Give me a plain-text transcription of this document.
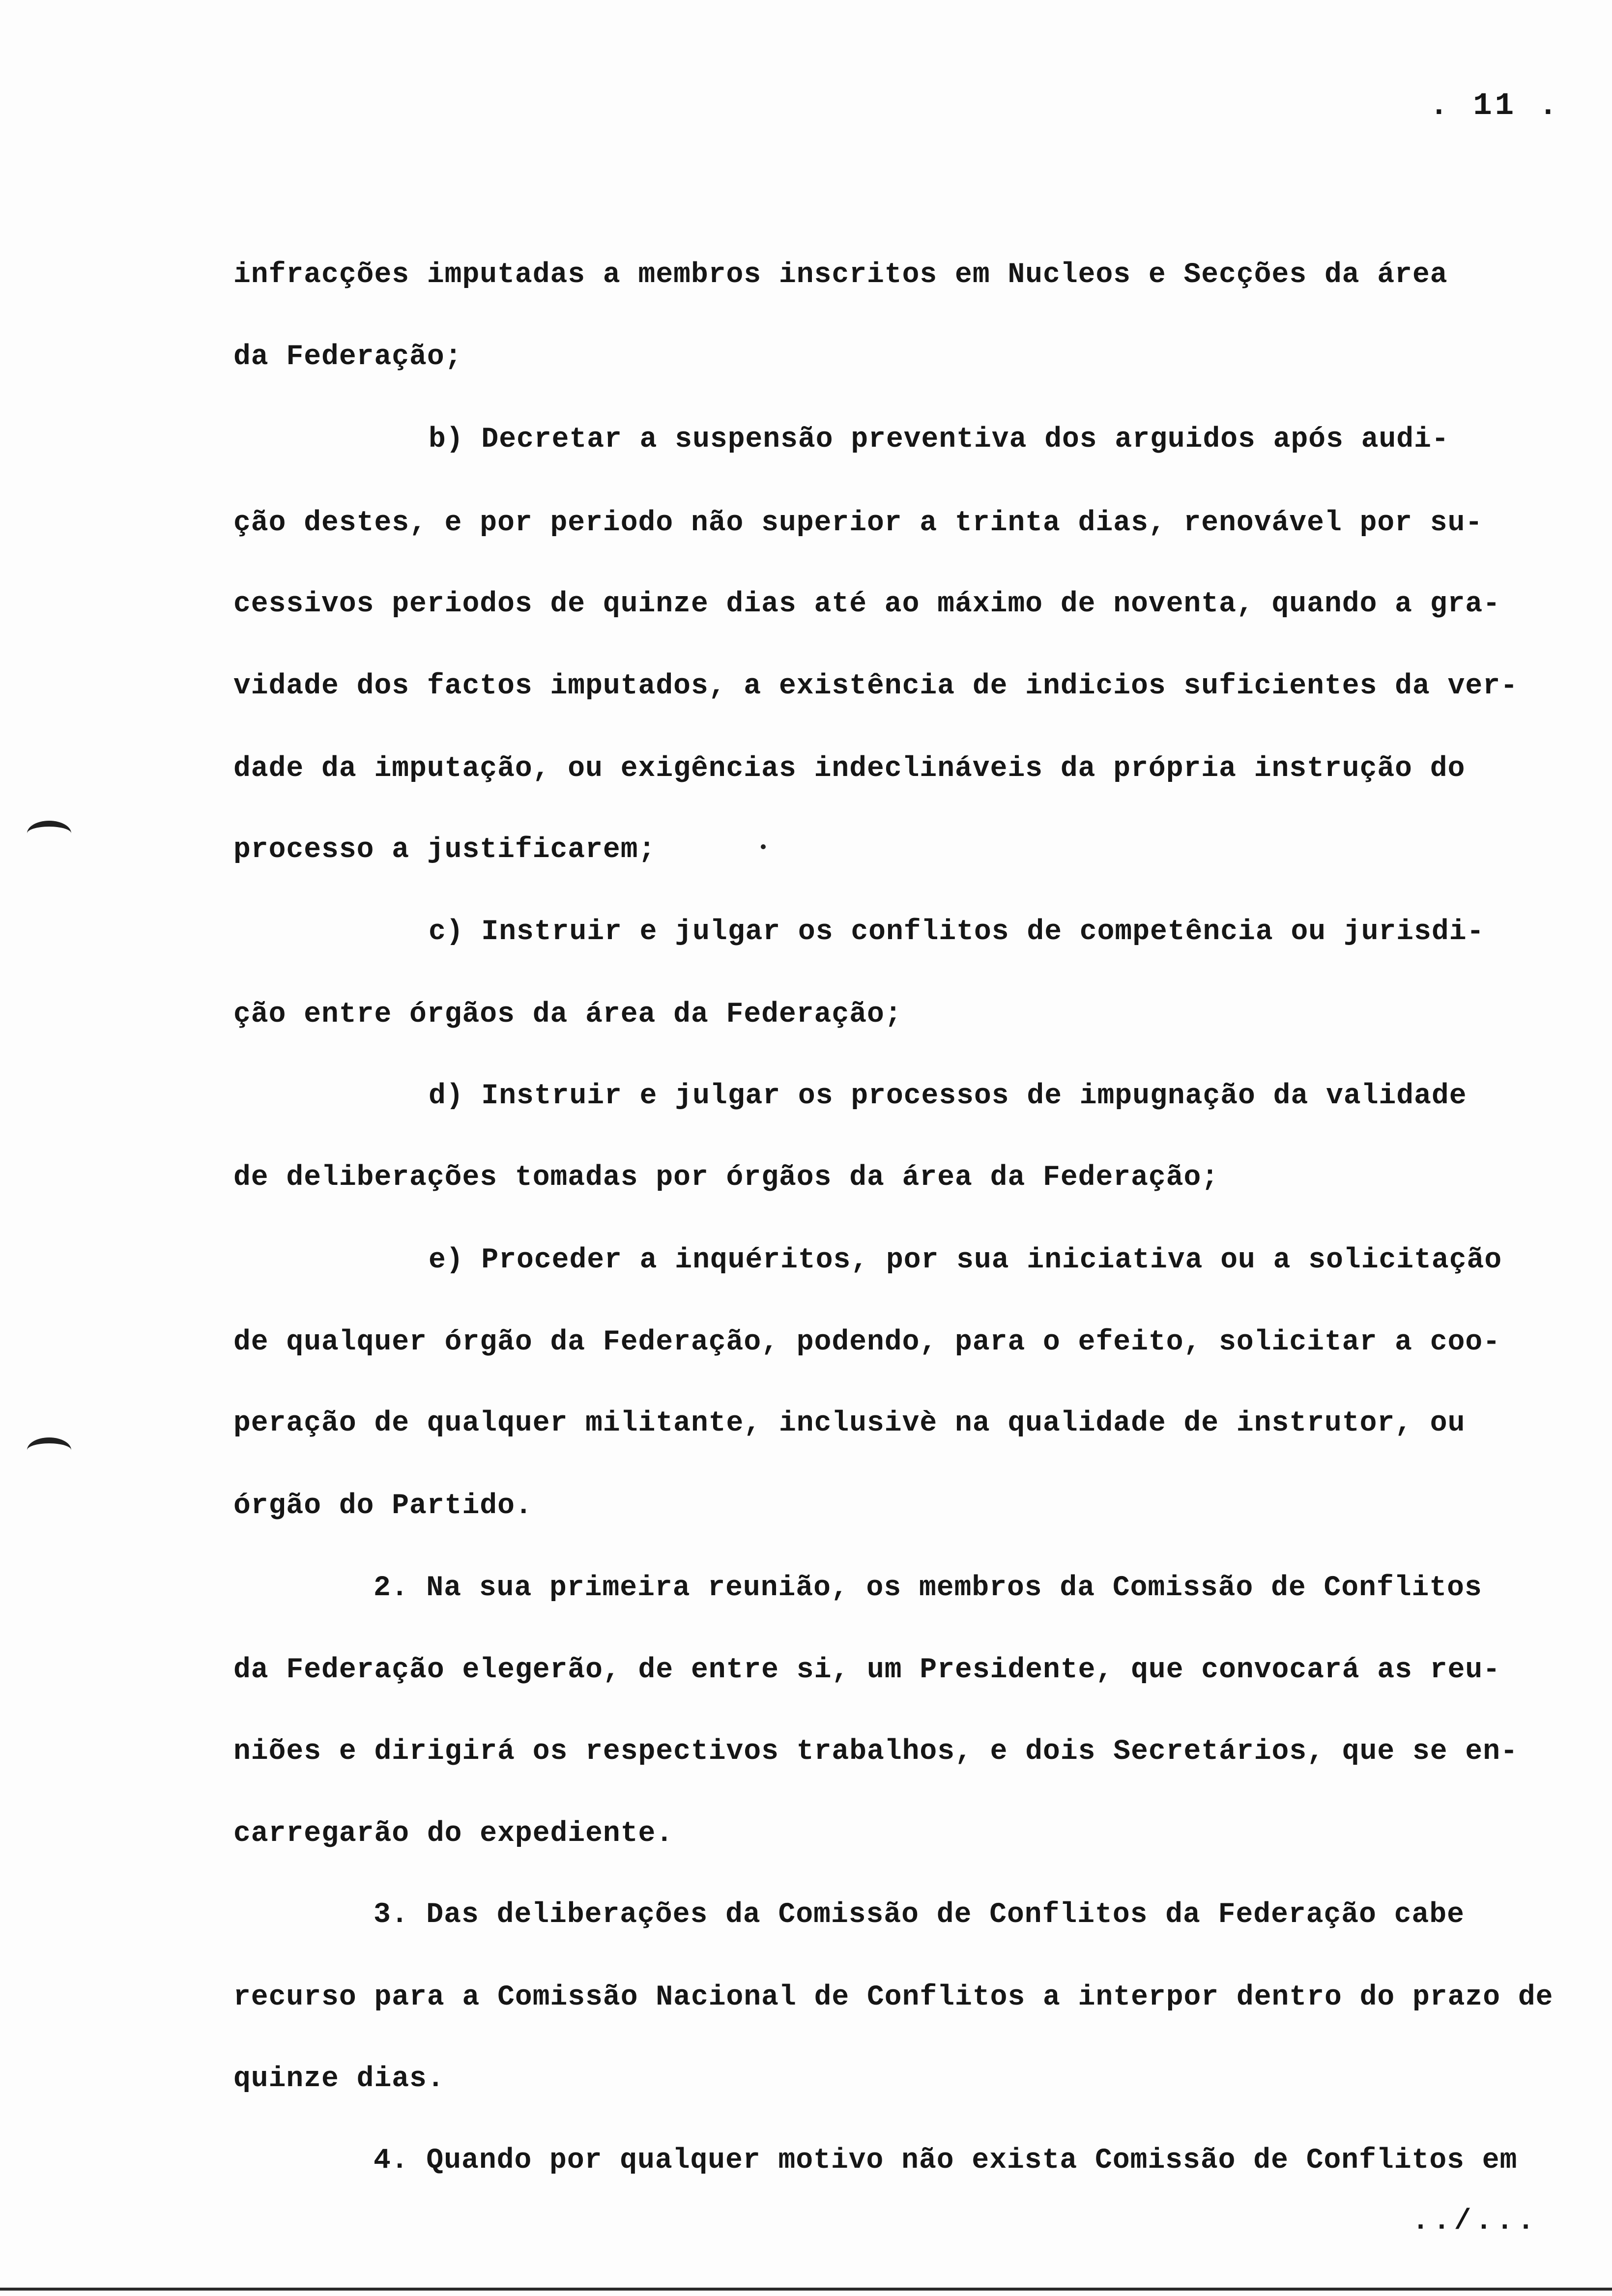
. 11 .
infracções imputadas a membros inscritos em Nucleos e Secções da área
da Federação;
b) Decretar a suspensão preventiva dos arguidos após audi-
ção destes, e por periodo não superior a trinta dias, renovável por su-
cessivos periodos de quinze dias até ao máximo de noventa, quando a gra-
vidade dos factos imputados, a existência de indicios suficientes da ver-
dade da imputação, ou exigências indeclináveis da própria instrução do
processo a justificarem;
c) Instruir e julgar os conflitos de competência ou jurisdi-
ção entre órgãos da área da Federação;
d) Instruir e julgar os processos de impugnação da validade
de deliberações tomadas por órgãos da área da Federação;
e) Proceder a inquéritos, por sua iniciativa ou a solicitação
de qualquer órgão da Federação, podendo, para o efeito, solicitar a coo-
peração de qualquer militante, inclusivè na qualidade de instrutor, ou
órgão do Partido.
2. Na sua primeira reunião, os membros da Comissão de Conflitos
da Federação elegerão, de entre si, um Presidente, que convocará as reu-
niões e dirigirá os respectivos trabalhos, e dois Secretários, que se en-
carregarão do expediente.
3. Das deliberações da Comissão de Conflitos da Federação cabe
recurso para a Comissão Nacional de Conflitos a interpor dentro do prazo de
quinze dias.
4. Quando por qualquer motivo não exista Comissão de Conflitos em
../...
